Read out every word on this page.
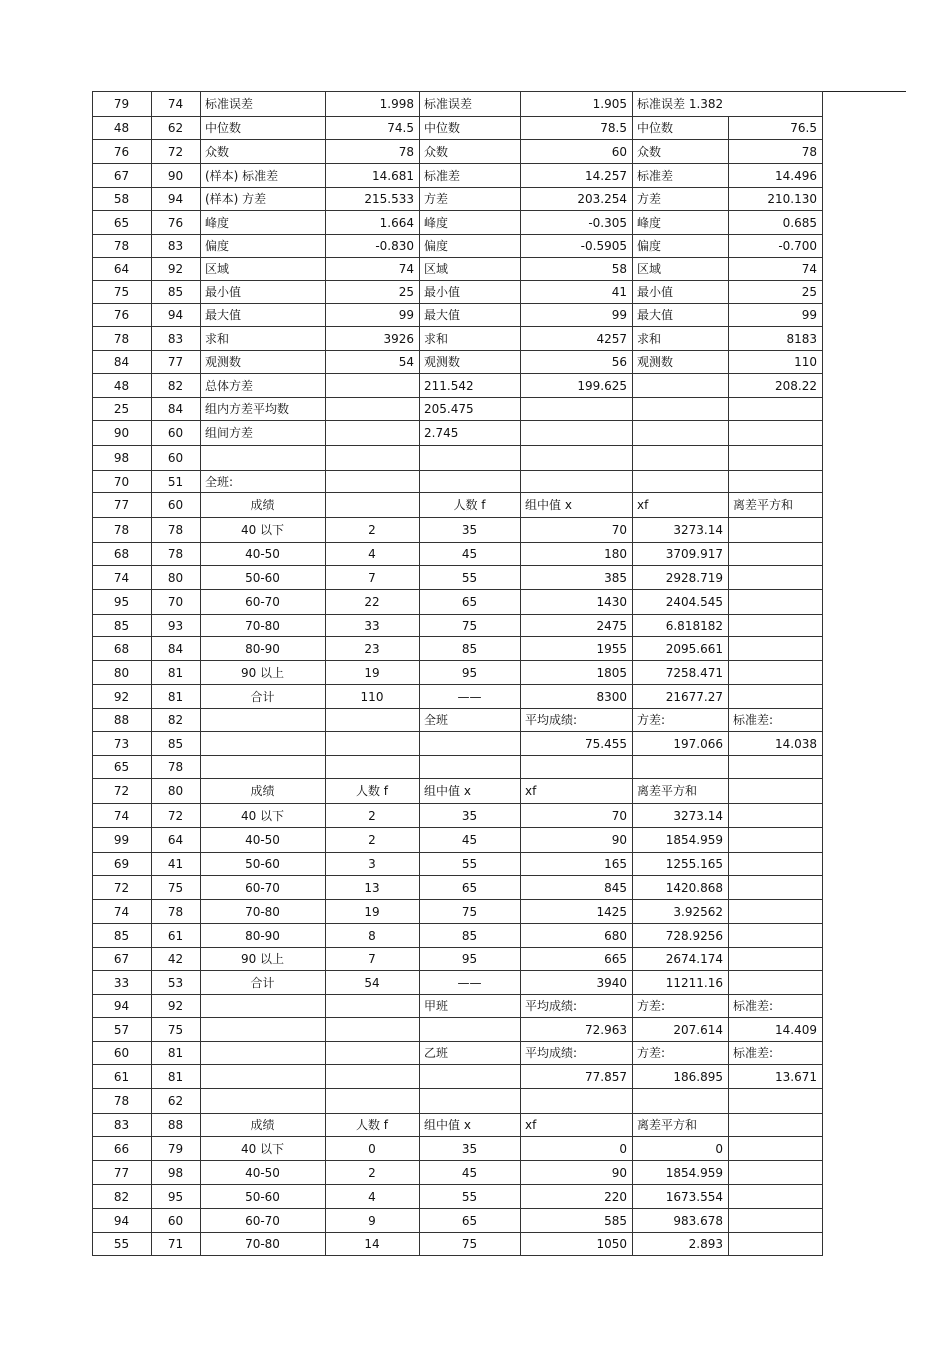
79	74	标准误差	1.998	标准误差	1.905	标准误差 1.382	
48	62	中位数	74.5	中位数	78.5	中位数	76.5
76	72	众数	78	众数	60	众数	78
67	90	(样本) 标准差	14.681	标准差	14.257	标准差	14.496
58	94	(样本) 方差	215.533	方差	203.254	方差	210.130
65	76	峰度	1.664	峰度	-0.305	峰度	0.685
78	83	偏度	-0.830	偏度	-0.5905	偏度	-0.700
64	92	区域	74	区域	58	区域	74
75	85	最小值	25	最小值	41	最小值	25
76	94	最大值	99	最大值	99	最大值	99
78	83	求和	3926	求和	4257	求和	8183
84	77	观测数	54	观测数	56	观测数	110
48	82	总体方差		211.542	199.625		208.22
25	84	组内方差平均数		205.475			
90	60	组间方差		2.745			
98	60						
70	51	全班:					
77	60	成绩		人数 f	组中值 x	xf	离差平方和
78	78	40 以下	2	35	70	3273.14	
68	78	40-50	4	45	180	3709.917	
74	80	50-60	7	55	385	2928.719	
95	70	60-70	22	65	1430	2404.545	
85	93	70-80	33	75	2475	6.818182	
68	84	80-90	23	85	1955	2095.661	
80	81	90 以上	19	95	1805	7258.471	
92	81	合计	110	——	8300	21677.27	
88	82			全班	平均成绩:	方差:	标准差:
73	85				75.455	197.066	14.038
65	78						
72	80	成绩	人数 f	组中值 x	xf	离差平方和	
74	72	40 以下	2	35	70	3273.14	
99	64	40-50	2	45	90	1854.959	
69	41	50-60	3	55	165	1255.165	
72	75	60-70	13	65	845	1420.868	
74	78	70-80	19	75	1425	3.92562	
85	61	80-90	8	85	680	728.9256	
67	42	90 以上	7	95	665	2674.174	
33	53	合计	54	——	3940	11211.16	
94	92			甲班	平均成绩:	方差:	标准差:
57	75				72.963	207.614	14.409
60	81			乙班	平均成绩:	方差:	标准差:
61	81				77.857	186.895	13.671
78	62						
83	88	成绩	人数 f	组中值 x	xf	离差平方和	
66	79	40 以下	0	35	0	0	
77	98	40-50	2	45	90	1854.959	
82	95	50-60	4	55	220	1673.554	
94	60	60-70	9	65	585	983.678	
55	71	70-80	14	75	1050	2.893	
